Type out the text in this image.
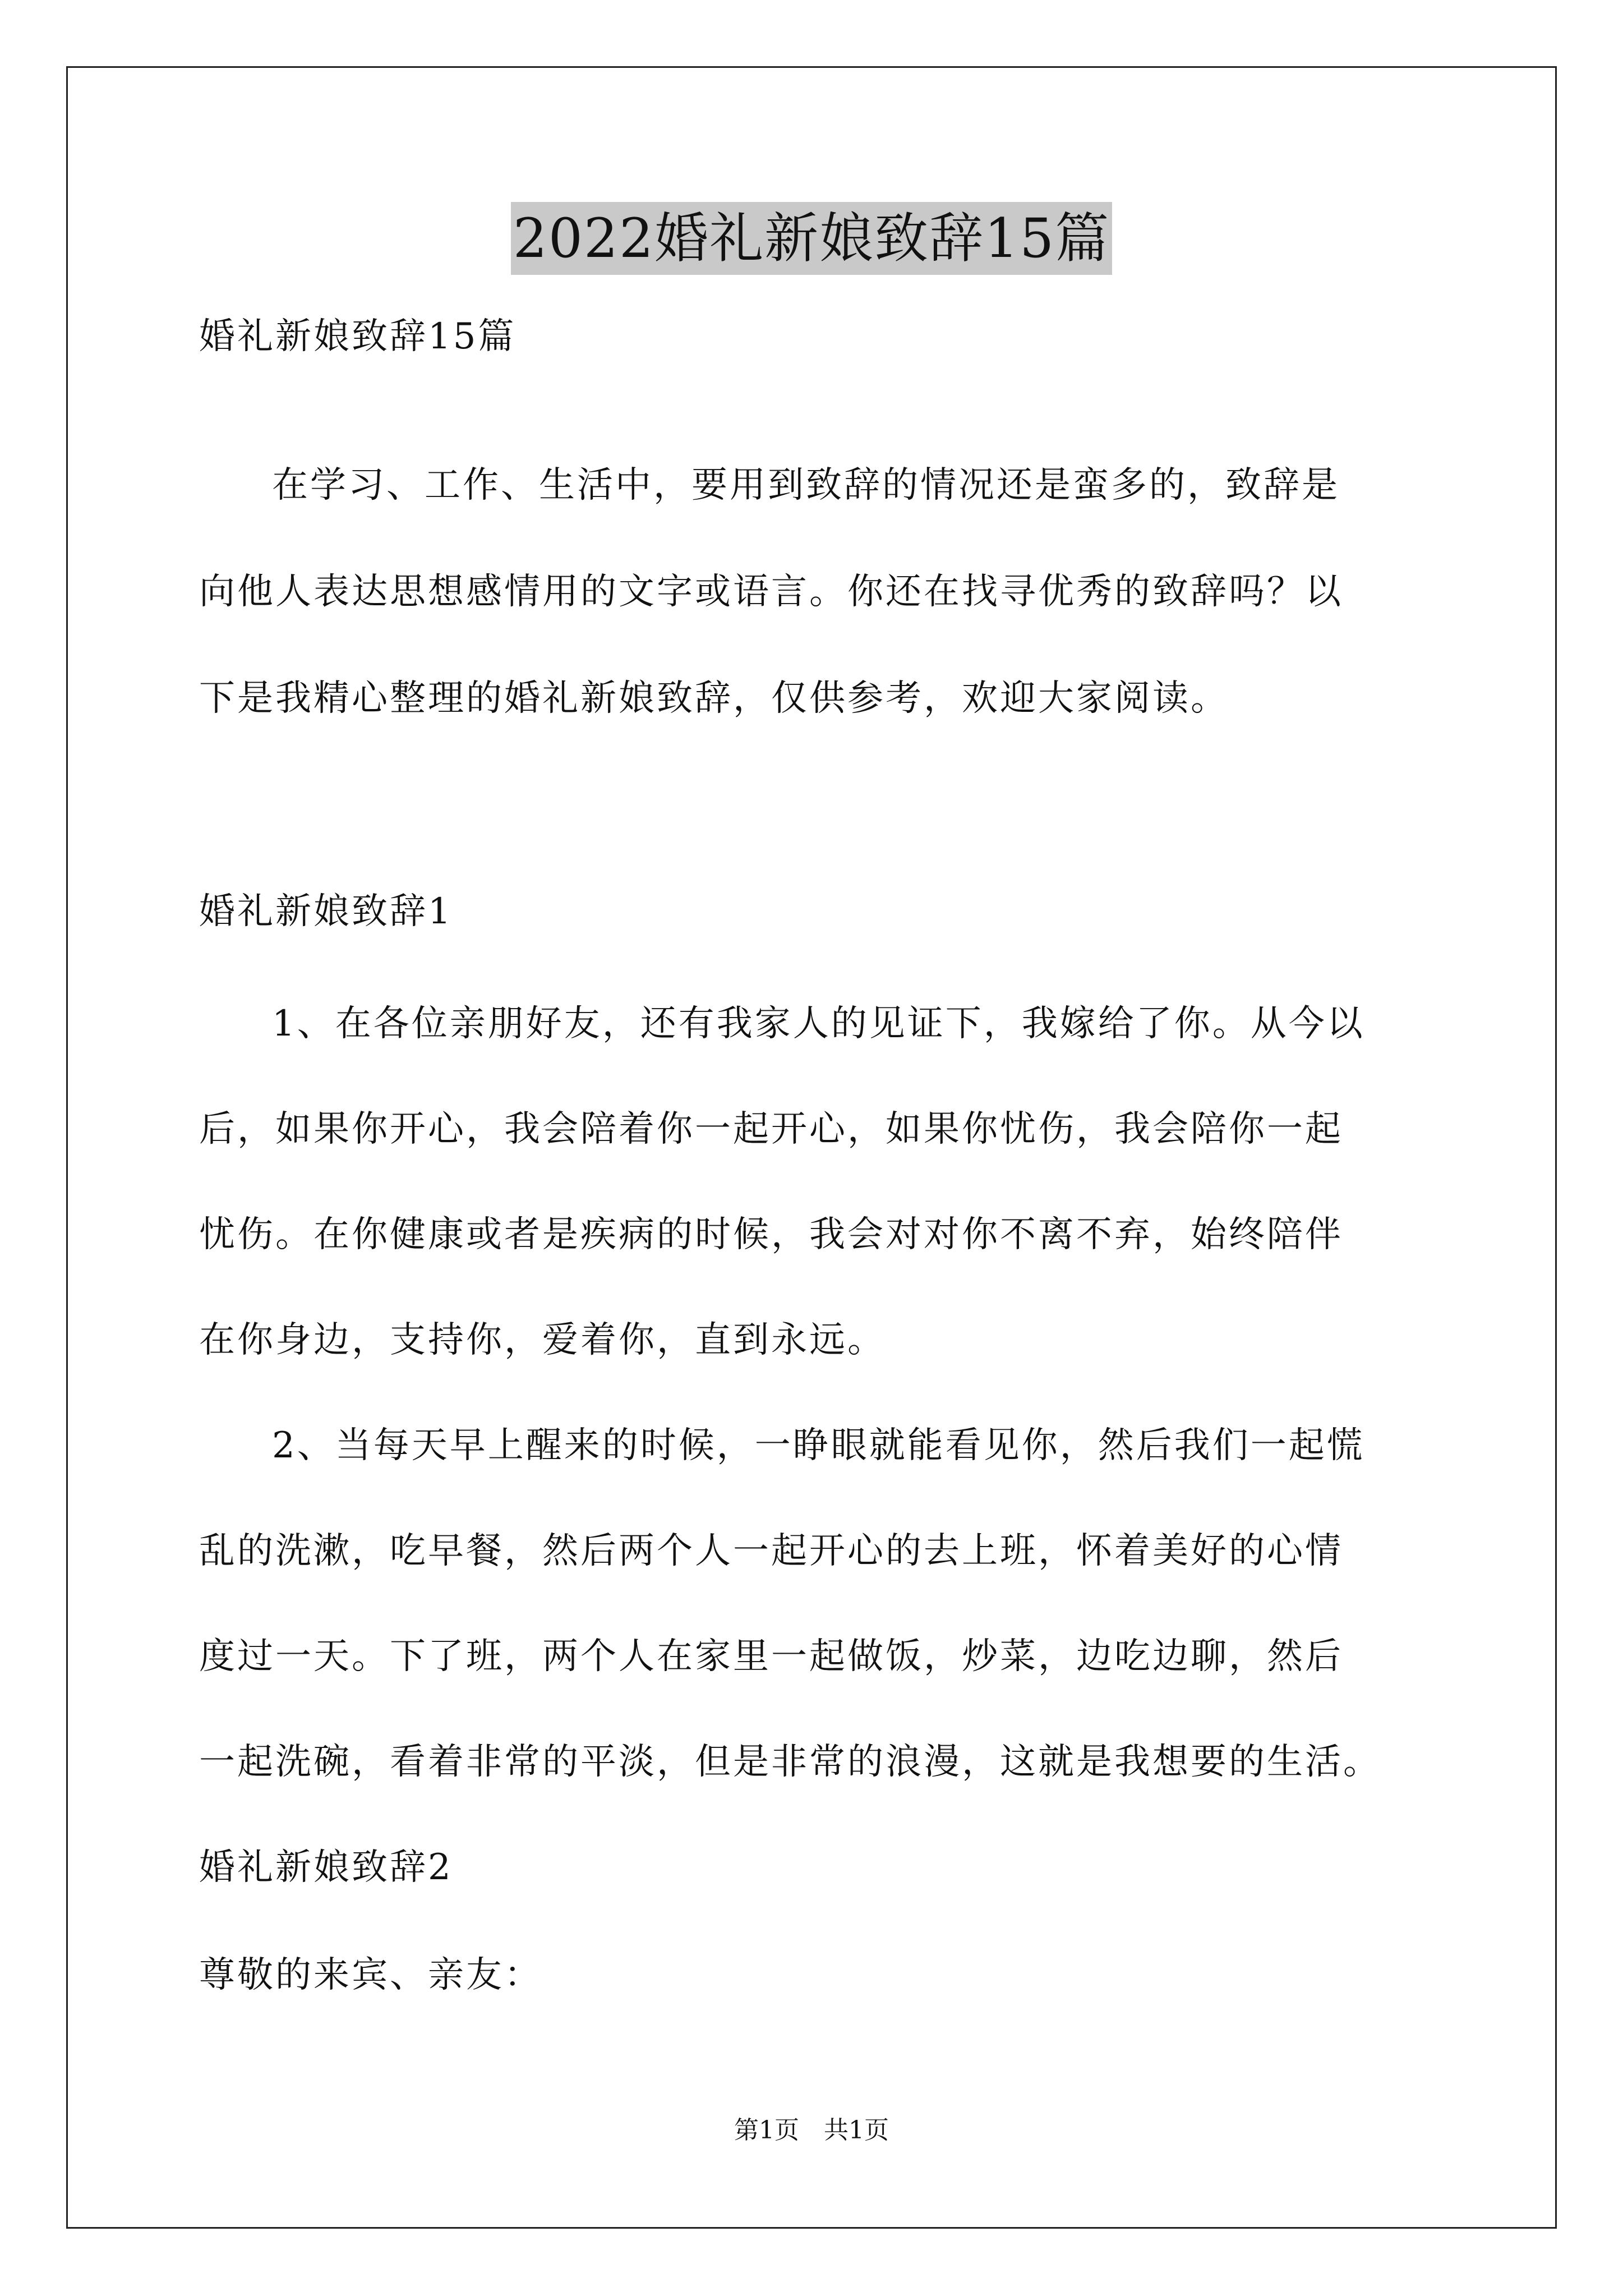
2022婚礼新娘致辞15篇
婚礼新娘致辞15篇
在学习、工作、生活中，要用到致辞的情况还是蛮多的，致辞是
向他人表达思想感情用的文字或语言。你还在找寻优秀的致辞吗？以
下是我精心整理的婚礼新娘致辞，仅供参考，欢迎大家阅读。
婚礼新娘致辞1
1、在各位亲朋好友，还有我家人的见证下，我嫁给了你。从今以
后，如果你开心，我会陪着你一起开心，如果你忧伤，我会陪你一起
忧伤。在你健康或者是疾病的时候，我会对对你不离不弃，始终陪伴
在你身边，支持你，爱着你，直到永远。
2、当每天早上醒来的时候，一睁眼就能看见你，然后我们一起慌
乱的洗漱，吃早餐，然后两个人一起开心的去上班，怀着美好的心情
度过一天。下了班，两个人在家里一起做饭，炒菜，边吃边聊，然后
一起洗碗，看着非常的平淡，但是非常的浪漫，这就是我想要的生活。
婚礼新娘致辞2
尊敬的来宾、亲友：
第1页　共1页
